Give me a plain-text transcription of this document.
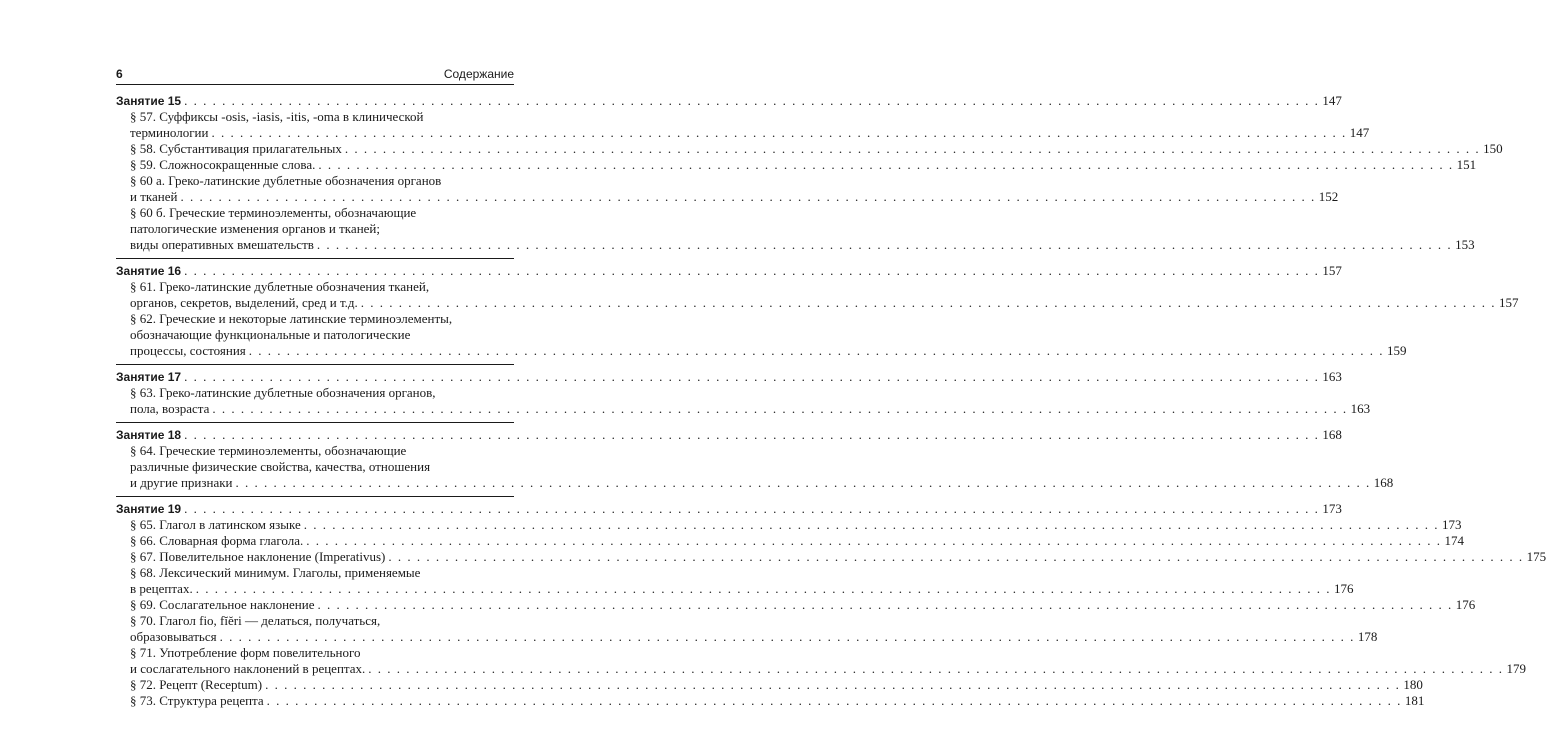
6	Содержание
Занятие 15 . . . . . . . . . . . . . . . . . . . . . . . . . . . . . . . . . . . . . . . . . . . . . . . . . . . . . . . . . . . . . . . . . . . . . . . . . . . . . . . . . . . . . . . . . . . . . . . . . . . . . . . . . . . . . . . . . . . . . . . . 147
§ 57. Суффиксы -osis, -iasis, -itis, -oma в клинической
терминологии . . . . . . . . . . . . . . . . . . . . . . . . . . . . . . . . . . . . . . . . . . . . . . . . . . . . . . . . . . . . . . . . . . . . . . . . . . . . . . . . . . . . . . . . . . . . . . . . . . . . . . . . . . . . . . . . . . . . . . . . 147
§ 58. Субстантивация прилагательных . . . . . . . . . . . . . . . . . . . . . . . . . . . . . . . . . . . . . . . . . . . . . . . . . . . . . . . . . . . . . . . . . . . . . . . . . . . . . . . . . . . . . . . . . . . . . . . . . . . . . . . . . . . . . . . . . . . . . . . . 150
§ 59. Сложносокращенные слова. . . . . . . . . . . . . . . . . . . . . . . . . . . . . . . . . . . . . . . . . . . . . . . . . . . . . . . . . . . . . . . . . . . . . . . . . . . . . . . . . . . . . . . . . . . . . . . . . . . . . . . . . . . . . . . . . . . . . . . . . 151
§ 60 а. Греко-латинские дублетные обозначения органов
и тканей . . . . . . . . . . . . . . . . . . . . . . . . . . . . . . . . . . . . . . . . . . . . . . . . . . . . . . . . . . . . . . . . . . . . . . . . . . . . . . . . . . . . . . . . . . . . . . . . . . . . . . . . . . . . . . . . . . . . . . . . 152
§ 60 б. Греческие терминоэлементы, обозначающие
патологические изменения органов и тканей;
виды оперативных вмешательств . . . . . . . . . . . . . . . . . . . . . . . . . . . . . . . . . . . . . . . . . . . . . . . . . . . . . . . . . . . . . . . . . . . . . . . . . . . . . . . . . . . . . . . . . . . . . . . . . . . . . . . . . . . . . . . . . . . . . . . . 153
Занятие 16 . . . . . . . . . . . . . . . . . . . . . . . . . . . . . . . . . . . . . . . . . . . . . . . . . . . . . . . . . . . . . . . . . . . . . . . . . . . . . . . . . . . . . . . . . . . . . . . . . . . . . . . . . . . . . . . . . . . . . . . . 157
§ 61. Греко-латинские дублетные обозначения тканей,
органов, секретов, выделений, сред и т.д. . . . . . . . . . . . . . . . . . . . . . . . . . . . . . . . . . . . . . . . . . . . . . . . . . . . . . . . . . . . . . . . . . . . . . . . . . . . . . . . . . . . . . . . . . . . . . . . . . . . . . . . . . . . . . . . . . . . . . . . . 157
§ 62. Греческие и некоторые латинские терминоэлементы,
обозначающие функциональные и патологические
процессы, состояния . . . . . . . . . . . . . . . . . . . . . . . . . . . . . . . . . . . . . . . . . . . . . . . . . . . . . . . . . . . . . . . . . . . . . . . . . . . . . . . . . . . . . . . . . . . . . . . . . . . . . . . . . . . . . . . . . . . . . . . . 159
Занятие 17 . . . . . . . . . . . . . . . . . . . . . . . . . . . . . . . . . . . . . . . . . . . . . . . . . . . . . . . . . . . . . . . . . . . . . . . . . . . . . . . . . . . . . . . . . . . . . . . . . . . . . . . . . . . . . . . . . . . . . . . . 163
§ 63. Греко-латинские дублетные обозначения органов,
пола, возраста . . . . . . . . . . . . . . . . . . . . . . . . . . . . . . . . . . . . . . . . . . . . . . . . . . . . . . . . . . . . . . . . . . . . . . . . . . . . . . . . . . . . . . . . . . . . . . . . . . . . . . . . . . . . . . . . . . . . . . . . 163
Занятие 18 . . . . . . . . . . . . . . . . . . . . . . . . . . . . . . . . . . . . . . . . . . . . . . . . . . . . . . . . . . . . . . . . . . . . . . . . . . . . . . . . . . . . . . . . . . . . . . . . . . . . . . . . . . . . . . . . . . . . . . . . 168
§ 64. Греческие терминоэлементы, обозначающие
различные физические свойства, качества, отношения
и другие признаки . . . . . . . . . . . . . . . . . . . . . . . . . . . . . . . . . . . . . . . . . . . . . . . . . . . . . . . . . . . . . . . . . . . . . . . . . . . . . . . . . . . . . . . . . . . . . . . . . . . . . . . . . . . . . . . . . . . . . . . . 168
Занятие 19 . . . . . . . . . . . . . . . . . . . . . . . . . . . . . . . . . . . . . . . . . . . . . . . . . . . . . . . . . . . . . . . . . . . . . . . . . . . . . . . . . . . . . . . . . . . . . . . . . . . . . . . . . . . . . . . . . . . . . . . . 173
§ 65. Глагол в латинском языке . . . . . . . . . . . . . . . . . . . . . . . . . . . . . . . . . . . . . . . . . . . . . . . . . . . . . . . . . . . . . . . . . . . . . . . . . . . . . . . . . . . . . . . . . . . . . . . . . . . . . . . . . . . . . . . . . . . . . . . . 173
§ 66. Словарная форма глагола. . . . . . . . . . . . . . . . . . . . . . . . . . . . . . . . . . . . . . . . . . . . . . . . . . . . . . . . . . . . . . . . . . . . . . . . . . . . . . . . . . . . . . . . . . . . . . . . . . . . . . . . . . . . . . . . . . . . . . . . . 174
§ 67. Повелительное наклонение (Imperativus) . . . . . . . . . . . . . . . . . . . . . . . . . . . . . . . . . . . . . . . . . . . . . . . . . . . . . . . . . . . . . . . . . . . . . . . . . . . . . . . . . . . . . . . . . . . . . . . . . . . . . . . . . . . . . . . . . . . . . . . . 175
§ 68. Лексический минимум. Глаголы, применяемые
в рецептах. . . . . . . . . . . . . . . . . . . . . . . . . . . . . . . . . . . . . . . . . . . . . . . . . . . . . . . . . . . . . . . . . . . . . . . . . . . . . . . . . . . . . . . . . . . . . . . . . . . . . . . . . . . . . . . . . . . . . . . . . 176
§ 69. Сослагательное наклонение . . . . . . . . . . . . . . . . . . . . . . . . . . . . . . . . . . . . . . . . . . . . . . . . . . . . . . . . . . . . . . . . . . . . . . . . . . . . . . . . . . . . . . . . . . . . . . . . . . . . . . . . . . . . . . . . . . . . . . . . 176
§ 70. Глагол fio, fĭĕri — делаться, получаться,
образовываться . . . . . . . . . . . . . . . . . . . . . . . . . . . . . . . . . . . . . . . . . . . . . . . . . . . . . . . . . . . . . . . . . . . . . . . . . . . . . . . . . . . . . . . . . . . . . . . . . . . . . . . . . . . . . . . . . . . . . . . . 178
§ 71. Употребление форм повелительного
и сослагательного наклонений в рецептах. . . . . . . . . . . . . . . . . . . . . . . . . . . . . . . . . . . . . . . . . . . . . . . . . . . . . . . . . . . . . . . . . . . . . . . . . . . . . . . . . . . . . . . . . . . . . . . . . . . . . . . . . . . . . . . . . . . . . . . . . 179
§ 72. Рецепт (Receptum) . . . . . . . . . . . . . . . . . . . . . . . . . . . . . . . . . . . . . . . . . . . . . . . . . . . . . . . . . . . . . . . . . . . . . . . . . . . . . . . . . . . . . . . . . . . . . . . . . . . . . . . . . . . . . . . . . . . . . . . . 180
§ 73. Структура рецепта . . . . . . . . . . . . . . . . . . . . . . . . . . . . . . . . . . . . . . . . . . . . . . . . . . . . . . . . . . . . . . . . . . . . . . . . . . . . . . . . . . . . . . . . . . . . . . . . . . . . . . . . . . . . . . . . . . . . . . . . 181
